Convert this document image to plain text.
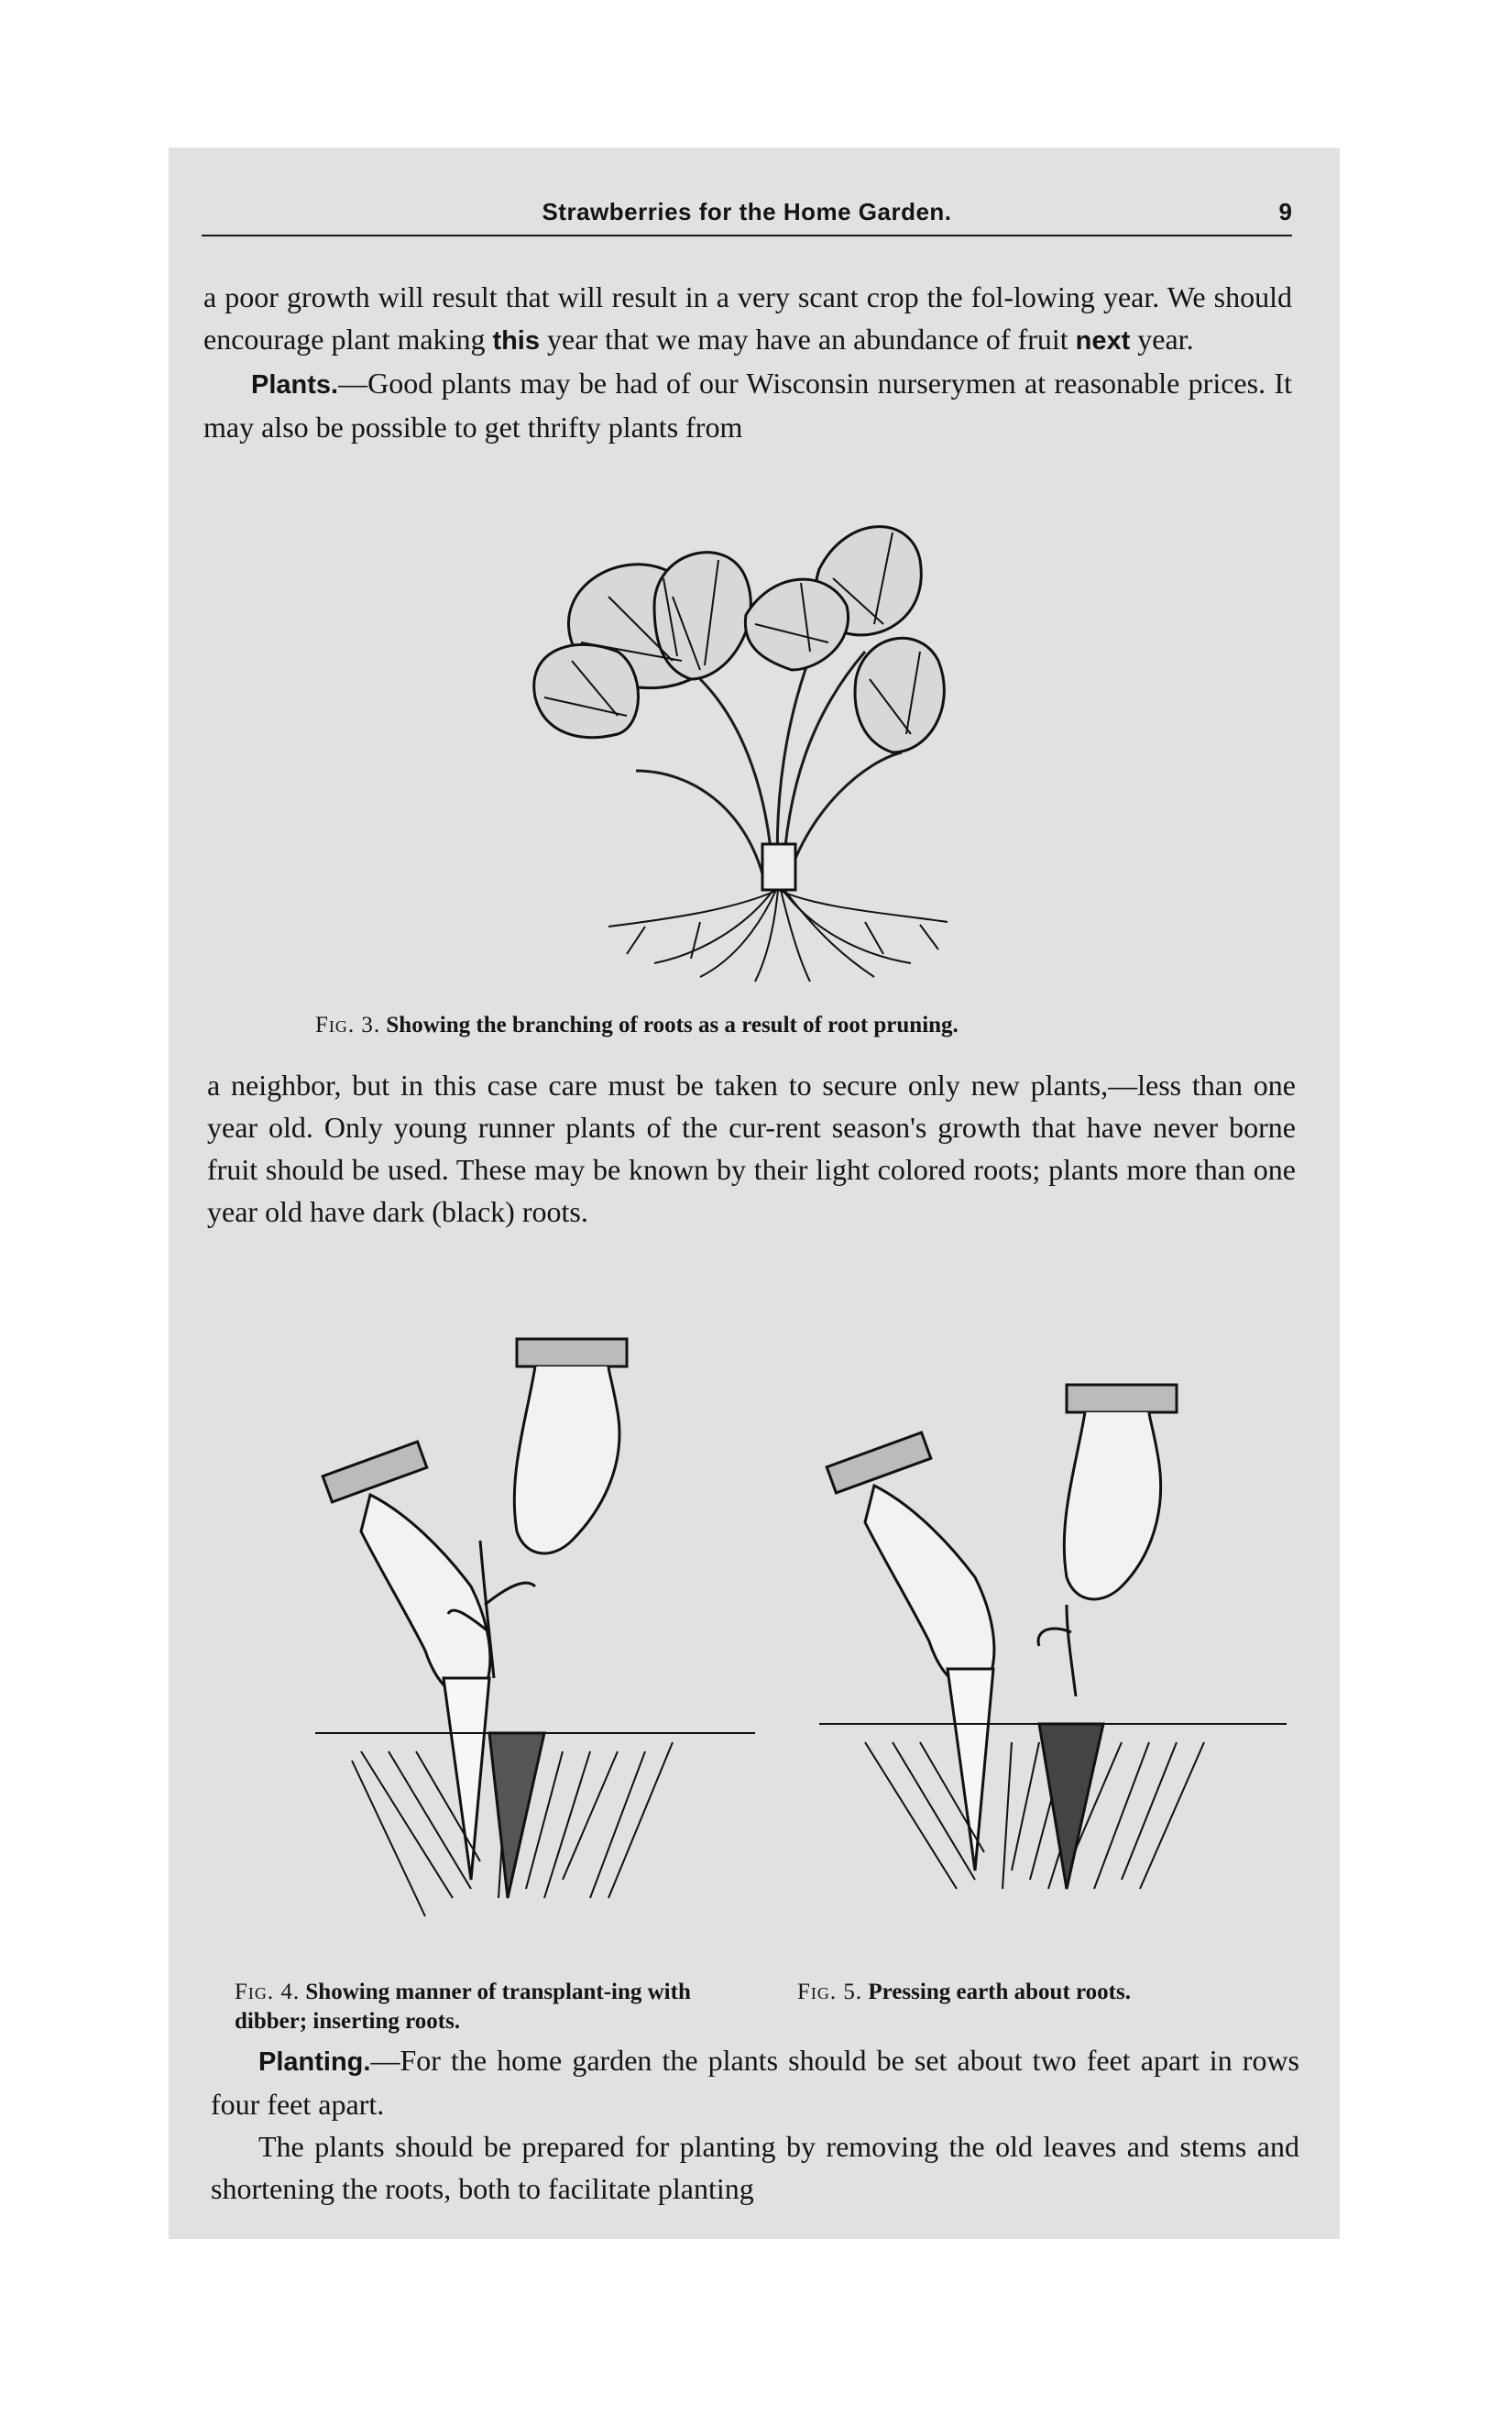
Strawberries for the Home Garden.	9

a poor growth will result that will result in a very scant crop the fol-lowing year. We should encourage plant making this year that we may have an abundance of fruit next year.

Plants.—Good plants may be had of our Wisconsin nurserymen at reasonable prices. It may also be possible to get thrifty plants from

Fig. 3. Showing the branching of roots as a result of root pruning.

a neighbor, but in this case care must be taken to secure only new plants,—less than one year old. Only young runner plants of the cur-rent season's growth that have never borne fruit should be used. These may be known by their light colored roots; plants more than one year old have dark (black) roots.

Fig. 4. Showing manner of transplant-ing with dibber; inserting roots.
Fig. 5. Pressing earth about roots.

Planting.—For the home garden the plants should be set about two feet apart in rows four feet apart.

The plants should be prepared for planting by removing the old leaves and stems and shortening the roots, both to facilitate planting
